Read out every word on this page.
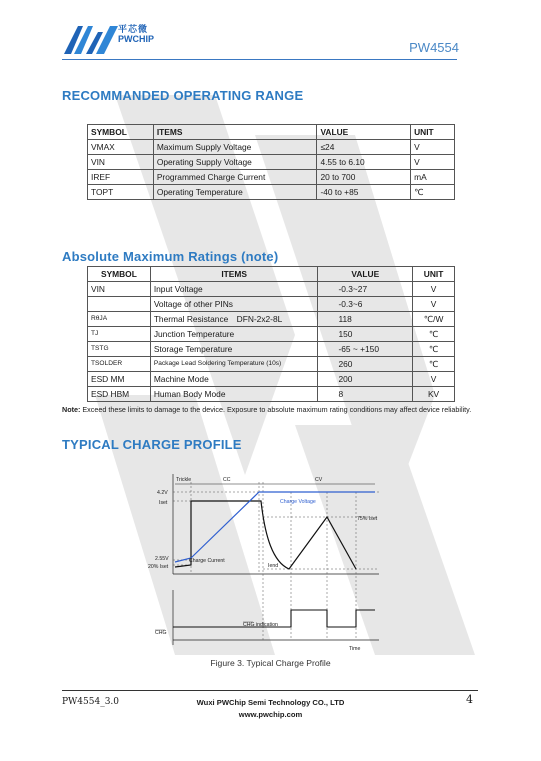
平芯微
PWCHIP
PW4554
RECOMMANDED OPERATING RANGE
SYMBOL	ITEMS	VALUE	UNIT
VMAX	Maximum Supply Voltage	≤24	V
VIN	Operating Supply Voltage	4.55 to 6.10	V
IREF	Programmed Charge Current	20 to 700	mA
TOPT	Operating Temperature	-40 to +85	℃
Absolute Maximum Ratings (note)
SYMBOL	ITEMS	VALUE	UNIT
VIN	Input Voltage	-0.3~27	V
	Voltage of other PINs	-0.3~6	V
RθJA	Thermal Resistance　DFN-2x2-8L	118	℃/W
TJ	Junction Temperature	150	℃
TSTG	Storage Temperature	-65 ~ +150	℃
TSOLDER	Package Lead Soldering Temperature (10s)	260	℃
ESD MM	Machine Mode	200	V
ESD HBM	Human Body Mode	8	KV
Note: Exceed these limits to damage to the device. Exposure to absolute maximum rating conditions may affect device reliability.
TYPICAL CHARGE PROFILE
Trickle	CC	CV
4.2V
Iset	Charge Voltage
75% Iset
2.55V
20% Iset
Charge Current
Iend
CHG indication
CHG
Time
Figure 3. Typical Charge Profile
PW4554_3.0	Wuxi PWChip Semi Technology CO., LTD
www.pwchip.com
4
